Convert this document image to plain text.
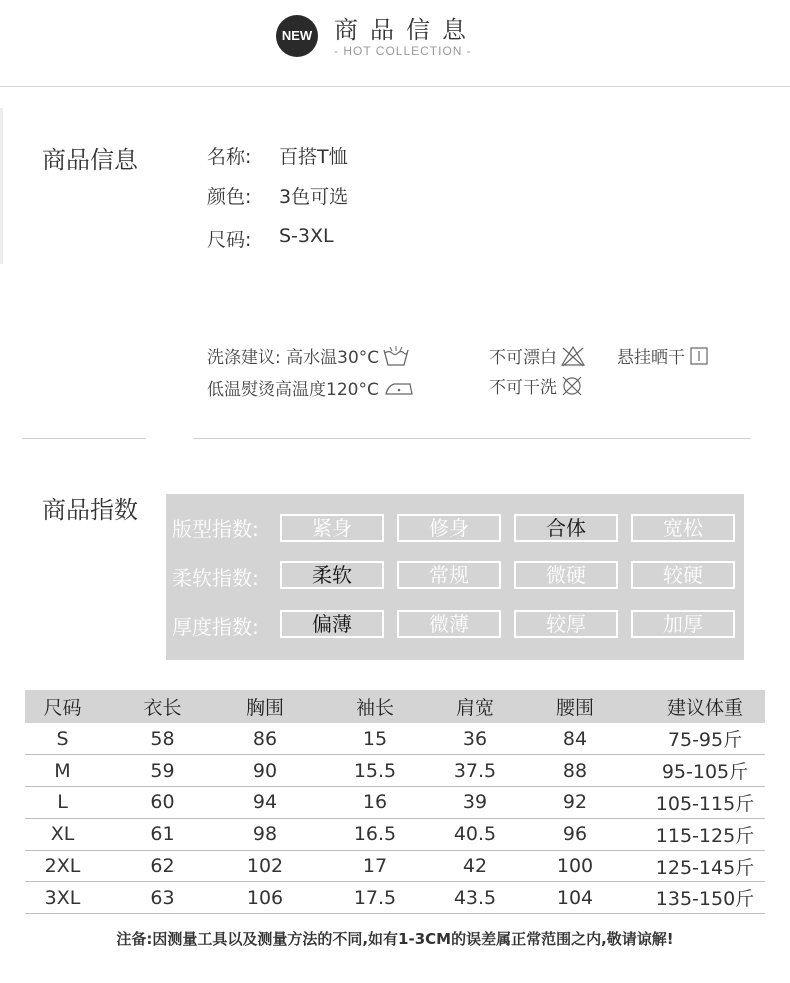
NEW 商品信息
- HOT COLLECTION -
商品信息	名称:	百搭T恤
颜色:	3色可选
尺码:	S-3XL
洗涤建议: 高水温30°C	不可漂白	悬挂晒干
低温熨烫高温度120°C	不可干洗
商品指数
版型指数:	紧身	修身	合体	宽松
柔软指数:	柔软	常规	微硬	较硬
厚度指数:	偏薄	微薄	较厚	加厚
尺码	衣长	胸围	袖长	肩宽	腰围	建议体重
S	58	86	15	36	84	75-95斤
M	59	90	15.5	37.5	88	95-105斤
L	60	94	16	39	92	105-115斤
XL	61	98	16.5	40.5	96	115-125斤
2XL	62	102	17	42	100	125-145斤
3XL	63	106	17.5	43.5	104	135-150斤
注备:因测量工具以及测量方法的不同,如有1-3CM的误差属正常范围之内,敬请谅解!
